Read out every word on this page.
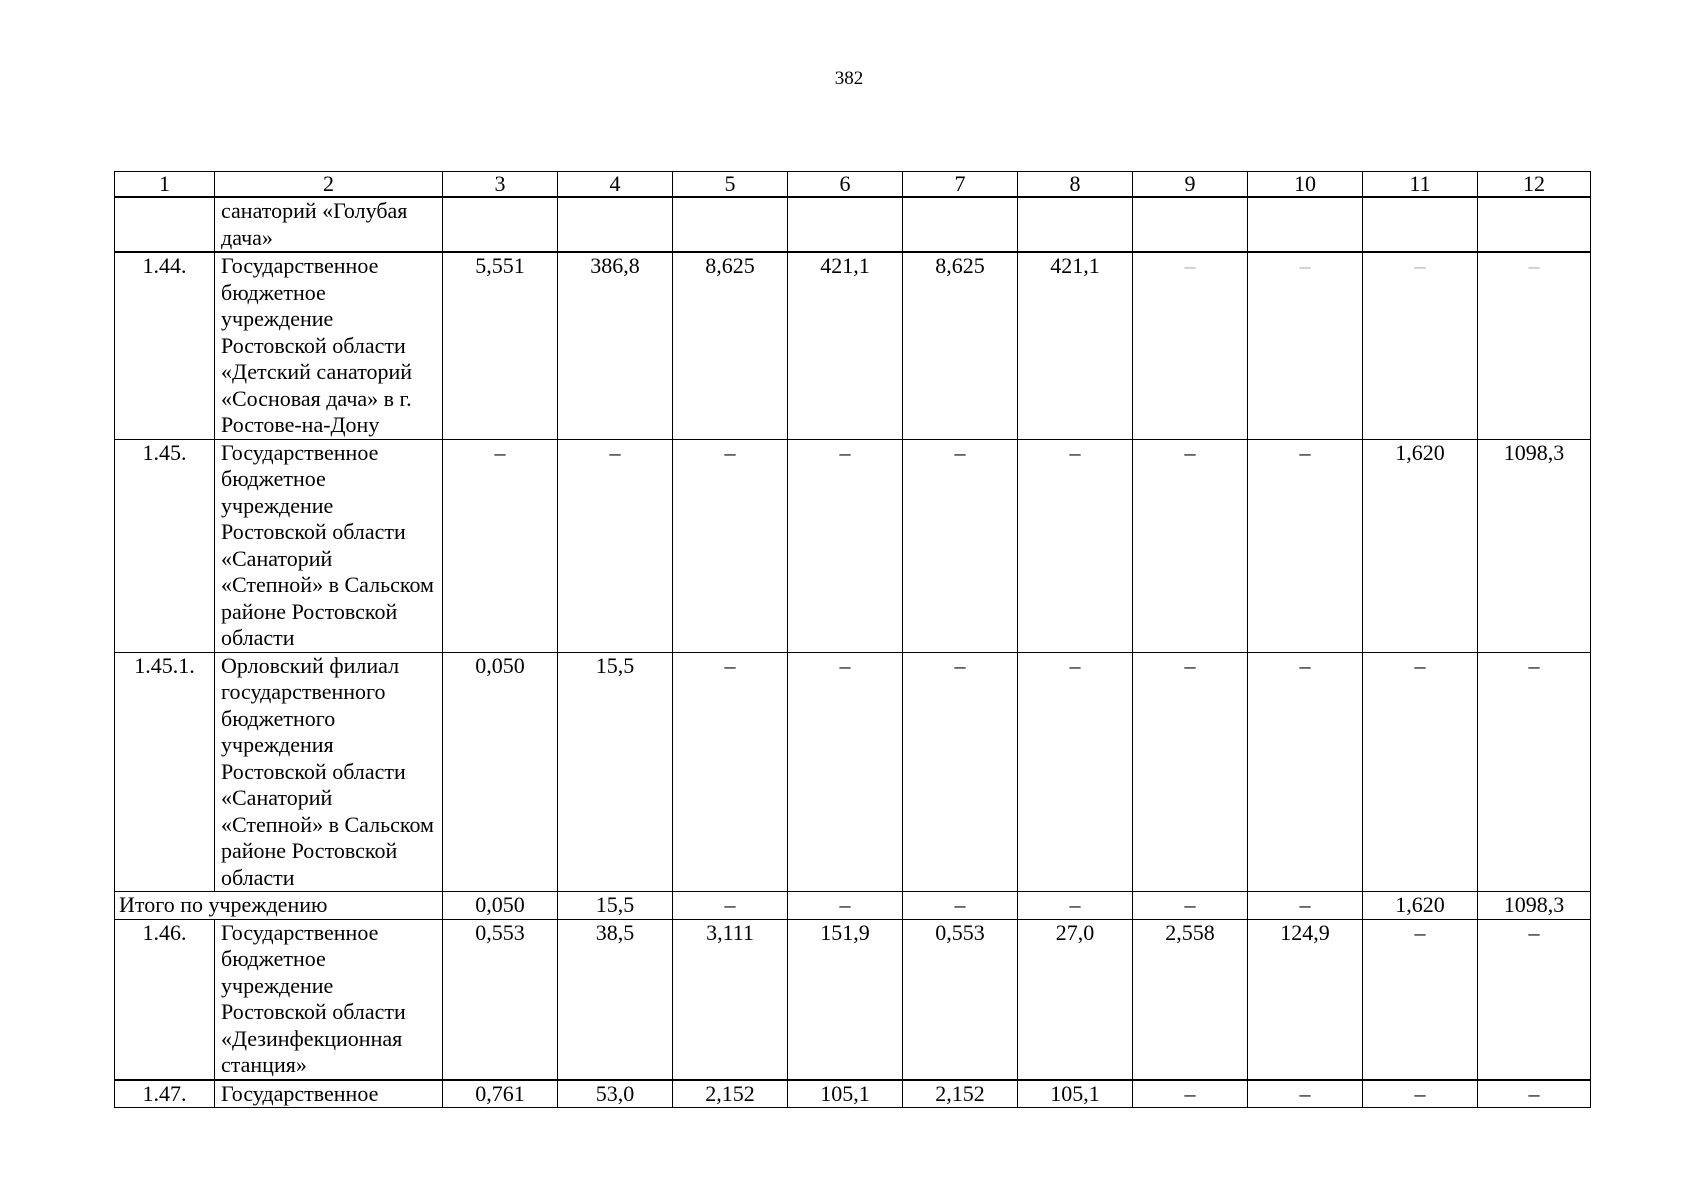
382
1	2	3	4	5	6	7	8	9	10	11	12
	санаторий «Голубая дача»										
1.44.	Государственное бюджетное учреждение Ростовской области «Детский санаторий «Сосновая дача» в г. Ростове-на-Дону	5,551	386,8	8,625	421,1	8,625	421,1	–	–	–	–
1.45.	Государственное бюджетное учреждение Ростовской области «Санаторий «Степной» в Сальском районе Ростовской области	–	–	–	–	–	–	–	–	1,620	1098,3
1.45.1.	Орловский филиал государственного бюджетного учреждения Ростовской области «Санаторий «Степной» в Сальском районе Ростовской области	0,050	15,5	–	–	–	–	–	–	–	–
Итого по учреждению		0,050	15,5	–	–	–	–	–	–	1,620	1098,3
1.46.	Государственное бюджетное учреждение Ростовской области «Дезинфекционная станция»	0,553	38,5	3,111	151,9	0,553	27,0	2,558	124,9	–	–
1.47.	Государственное	0,761	53,0	2,152	105,1	2,152	105,1	–	–	–	–
